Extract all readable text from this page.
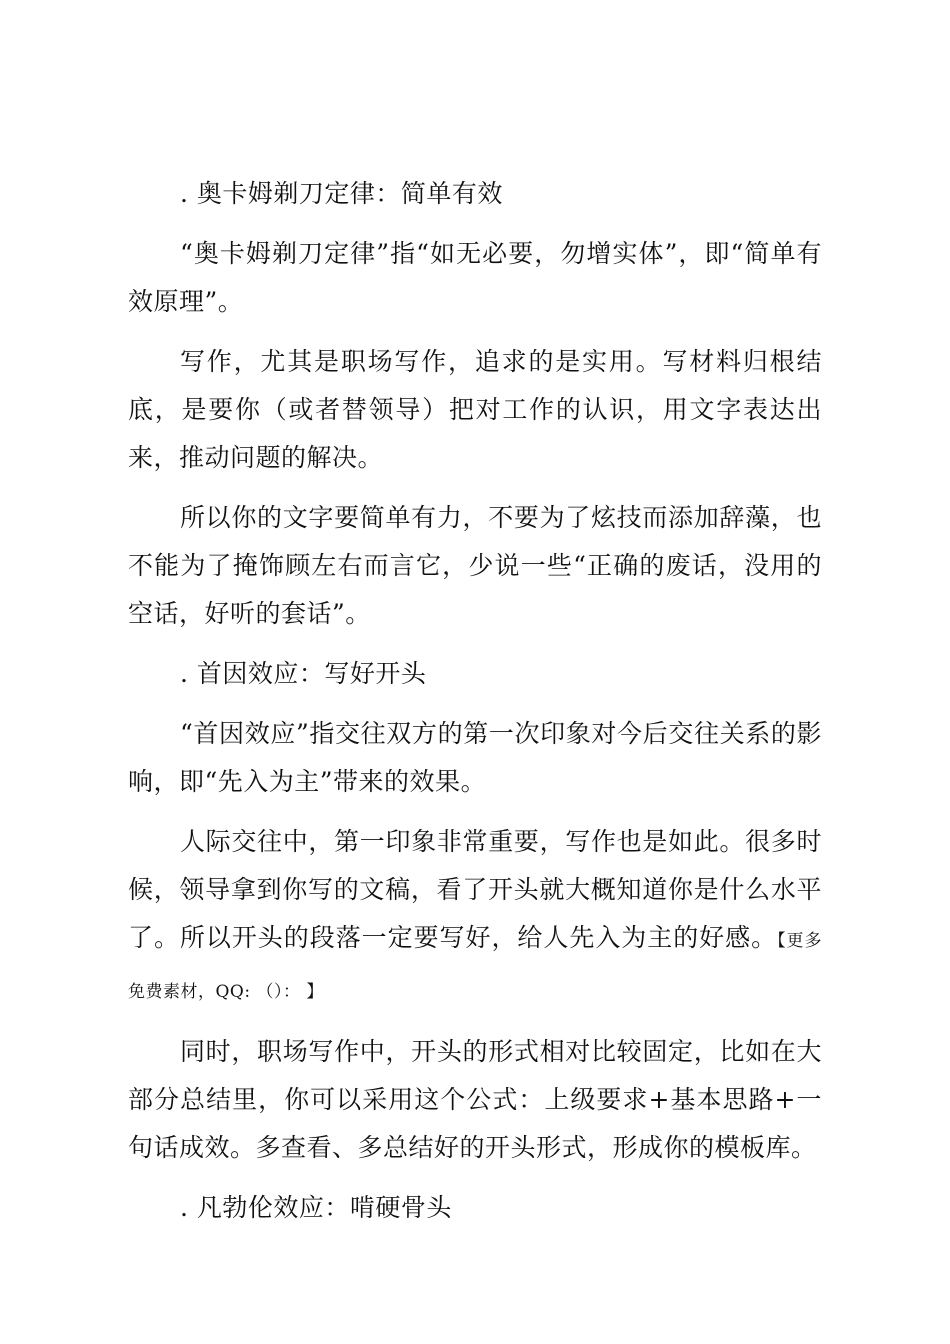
. 奥卡姆剃刀定律：简单有效

“奥卡姆剃刀定律”指“如无必要，勿增实体”，即“简单有效原理”。

写作，尤其是职场写作，追求的是实用。写材料归根结底，是要你（或者替领导）把对工作的认识，用文字表达出来，推动问题的解决。

所以你的文字要简单有力，不要为了炫技而添加辞藻，也不能为了掩饰顾左右而言它，少说一些“正确的废话，没用的空话，好听的套话”。

. 首因效应：写好开头

“首因效应”指交往双方的第一次印象对今后交往关系的影响，即“先入为主”带来的效果。

人际交往中，第一印象非常重要，写作也是如此。很多时候，领导拿到你写的文稿，看了开头就大概知道你是什么水平了。所以开头的段落一定要写好，给人先入为主的好感。【更多免费素材，QQ: （）： 】

同时，职场写作中，开头的形式相对比较固定，比如在大部分总结里，你可以采用这个公式：上级要求+基本思路+一句话成效。多查看、多总结好的开头形式，形成你的模板库。

. 凡勃伦效应：啃硬骨头
